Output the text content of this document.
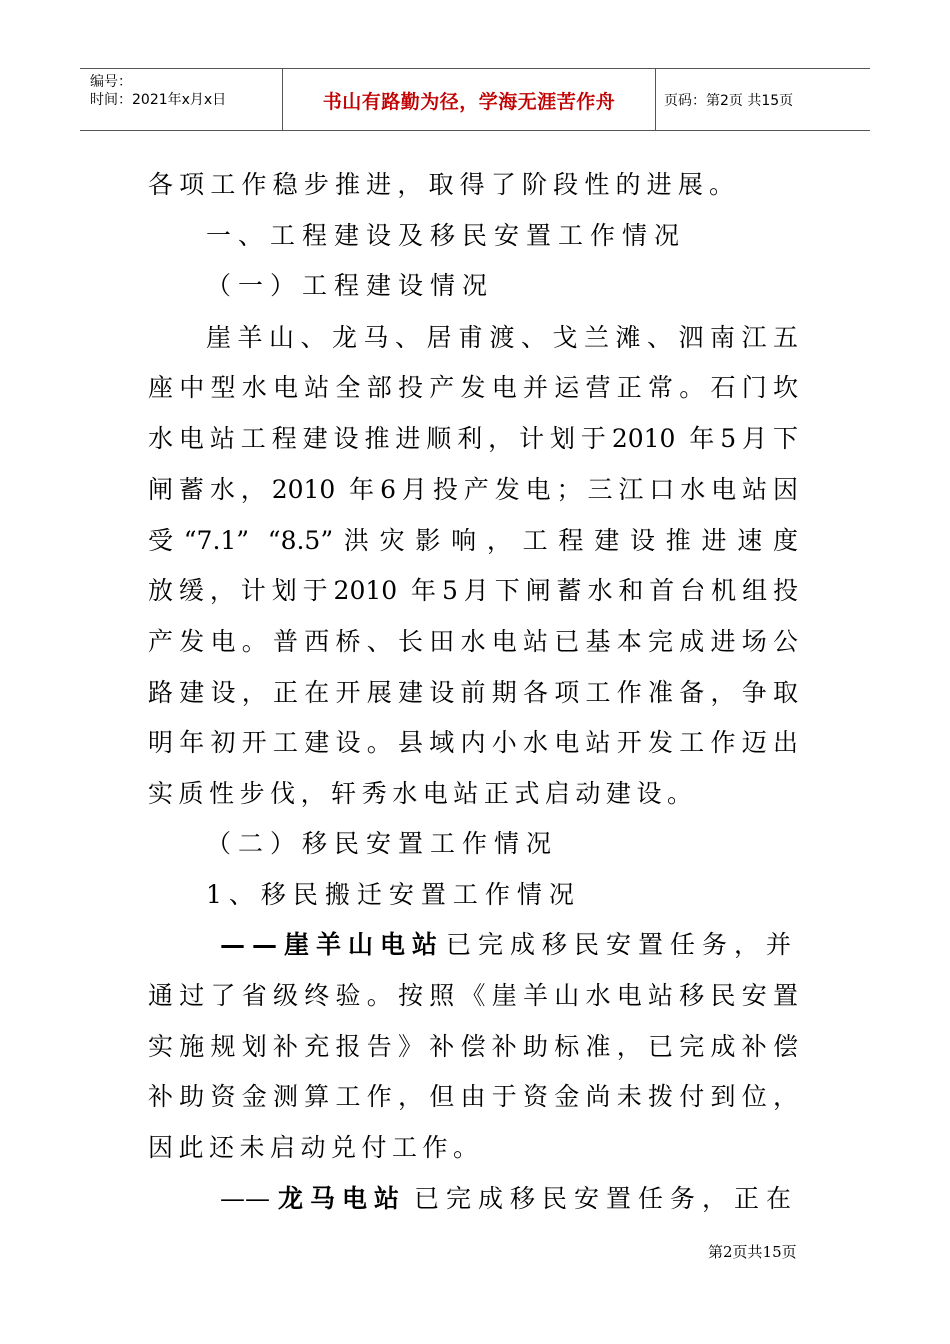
编号：
时间：2021年x月x日	书山有路勤为径，学海无涯苦作舟	页码：第2页 共15页
各项工作稳步推进，取得了阶段性的进展。
一、工程建设及移民安置工作情况
（一）工程建设情况
崖羊山、龙马、居甫渡、戈兰滩、泗南江五
座中型水电站全部投产发电并运营正常。石门坎
水电站工程建设推进顺利，计划于2010 年5月下
闸蓄水，2010 年6月投产发电；三江口水电站因
受“7.1” “8.5”洪灾影响，工程建设推进速度
放缓，计划于2010 年5月下闸蓄水和首台机组投
产发电。普西桥、长田水电站已基本完成进场公
路建设，正在开展建设前期各项工作准备，争取
明年初开工建设。县域内小水电站开发工作迈出
实质性步伐，轩秀水电站正式启动建设。
（二）移民安置工作情况
1、移民搬迁安置工作情况
——崖羊山电站 已完成移民安置任务，并
通过了省级终验。按照《崖羊山水电站移民安置
实施规划补充报告》补偿补助标准，已完成补偿
补助资金测算工作，但由于资金尚未拨付到位，
因此还未启动兑付工作。
—— 龙马电站 已完成移民安置任务，正在
第2页共15页
